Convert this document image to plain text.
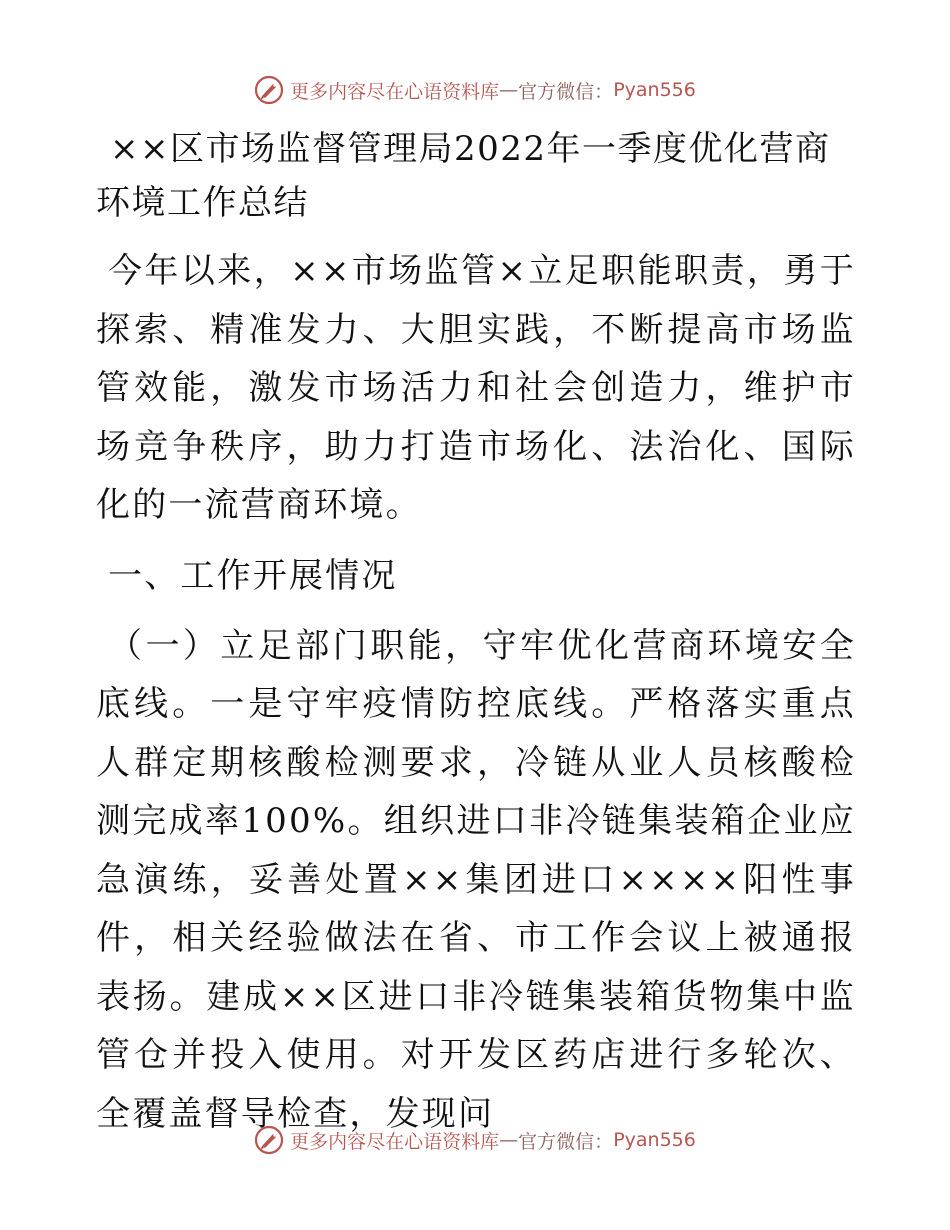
更多内容尽在心语资料库 — 官方微信： Pyan556
××区市场监督管理局2022年一季度优化营商环境工作总结
今年以来，××市场监管×立足职能职责，勇于探索、精准发力、大胆实践，不断提高市场监管效能，激发市场活力和社会创造力，维护市场竞争秩序，助力打造市场化、法治化、国际化的一流营商环境。
一、工作开展情况
（一）立足部门职能，守牢优化营商环境安全底线。一是守牢疫情防控底线。严格落实重点人群定期核酸检测要求，冷链从业人员核酸检测完成率100%。组织进口非冷链集装箱企业应急演练，妥善处置××集团进口××××阳性事件，相关经验做法在省、市工作会议上被通报表扬。建成××区进口非冷链集装箱货物集中监管仓并投入使用。对开发区药店进行多轮次、全覆盖督导检查，发现问
更多内容尽在心语资料库 — 官方微信： Pyan556
